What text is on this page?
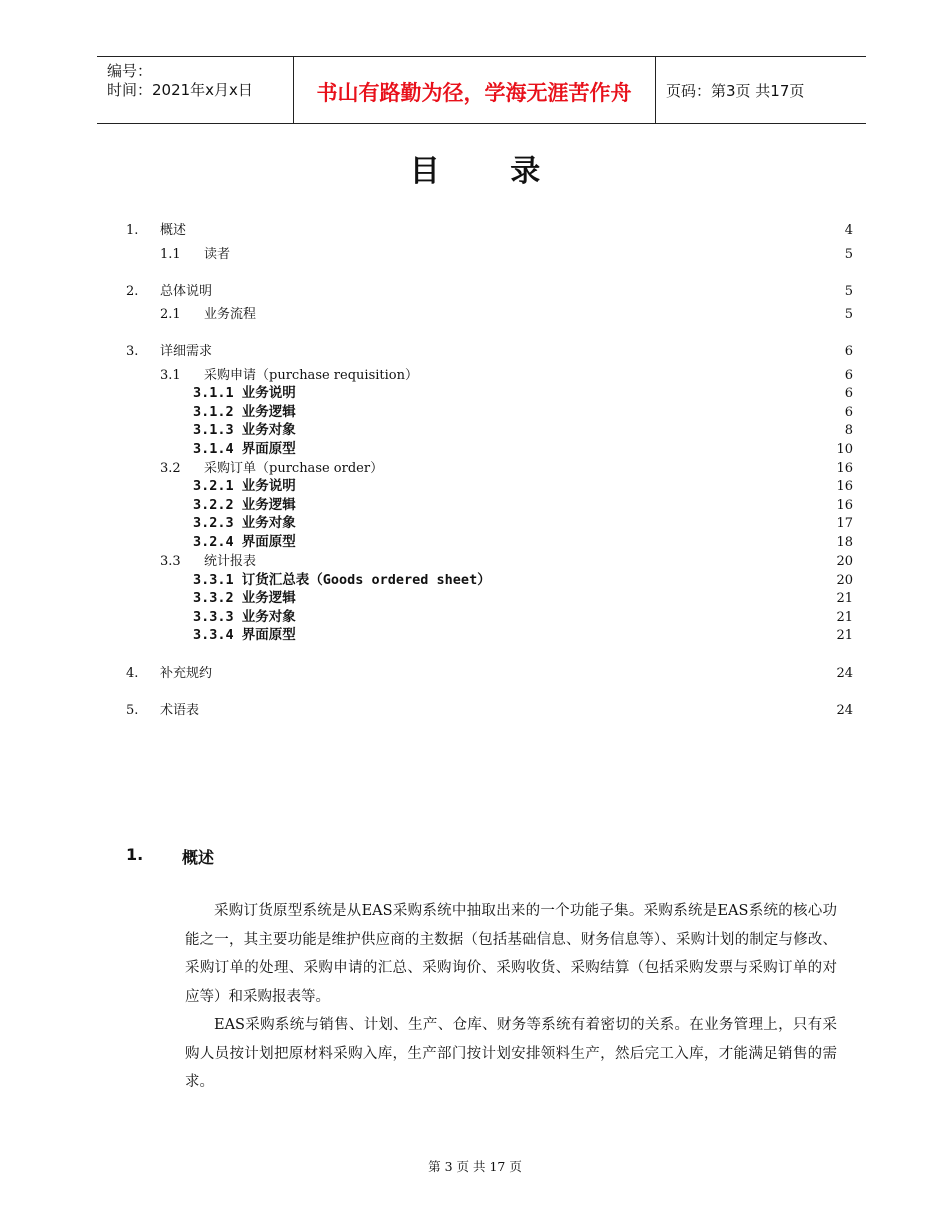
编号：
时间：2021年x月x日	书山有路勤为径，学海无涯苦作舟	页码：第3页 共17页
目 录
1. 概述	4
1.1 读者	5
2. 总体说明	5
2.1 业务流程	5
3. 详细需求	6
3.1 采购申请（purchase requisition）	6
3.1.1 业务说明	6
3.1.2 业务逻辑	6
3.1.3 业务对象	8
3.1.4 界面原型	10
3.2 采购订单（purchase order）	16
3.2.1 业务说明	16
3.2.2 业务逻辑	16
3.2.3 业务对象	17
3.2.4 界面原型	18
3.3 统计报表	20
3.3.1 订货汇总表（Goods ordered sheet）	20
3.3.2 业务逻辑	21
3.3.3 业务对象	21
3.3.4 界面原型	21
4. 补充规约	24
5. 术语表	24
1. 概述

采购订货原型系统是从EAS采购系统中抽取出来的一个功能子集。采购系统是EAS系统的核心功能之一，其主要功能是维护供应商的主数据（包括基础信息、财务信息等）、采购计划的制定与修改、采购订单的处理、采购申请的汇总、采购询价、采购收货、采购结算（包括采购发票与采购订单的对应等）和采购报表等。

EAS采购系统与销售、计划、生产、仓库、财务等系统有着密切的关系。在业务管理上，只有采购人员按计划把原材料采购入库，生产部门按计划安排领料生产，然后完工入库，才能满足销售的需求。

第 3 页 共 17 页
